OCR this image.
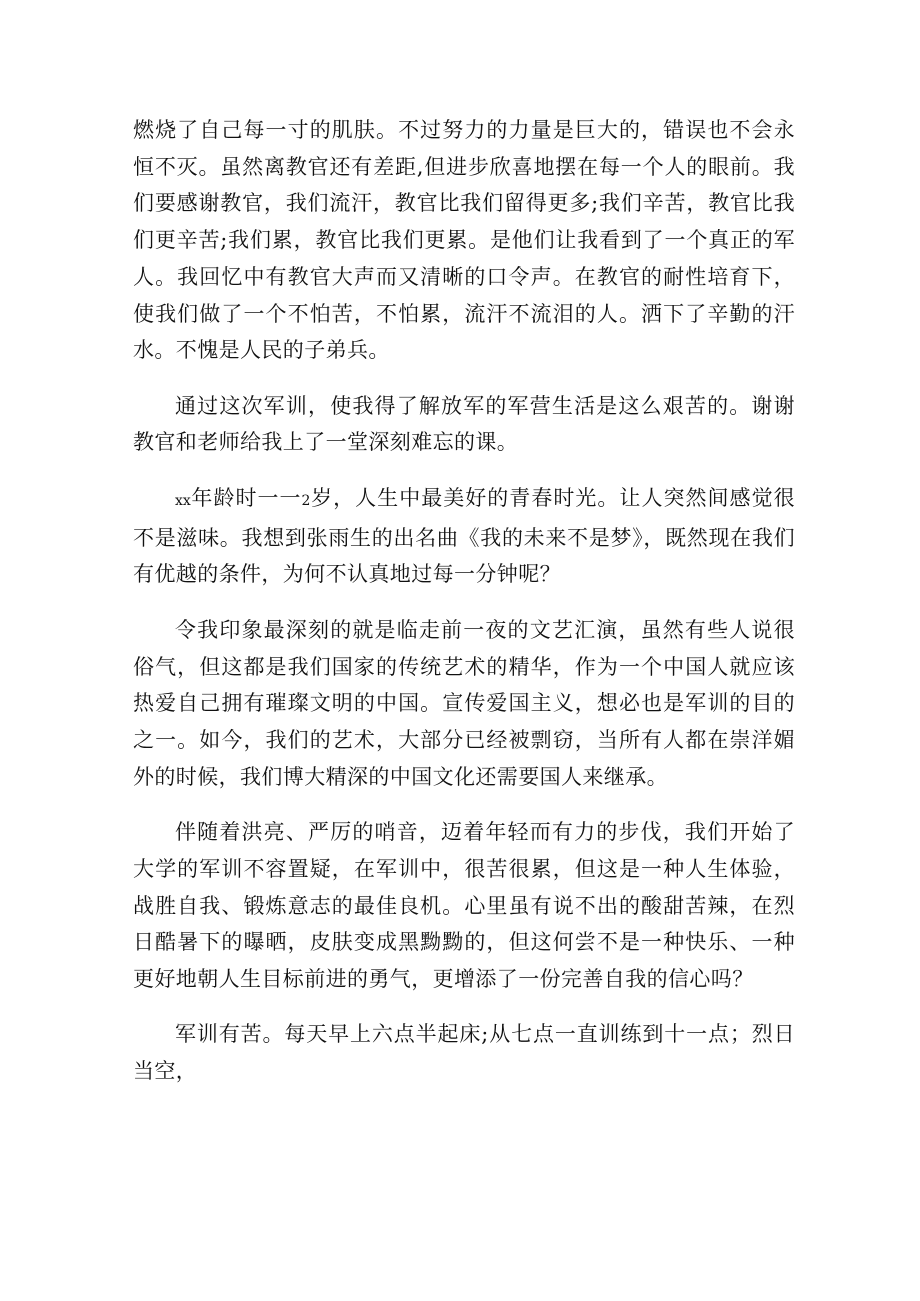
燃烧了自己每一寸的肌肤。不过努力的力量是巨大的，错误也不会永恒不灭。虽然离教官还有差距,但进步欣喜地摆在每一个人的眼前。我们要感谢教官，我们流汗，教官比我们留得更多;我们辛苦，教官比我们更辛苦;我们累，教官比我们更累。是他们让我看到了一个真正的军人。我回忆中有教官大声而又清晰的口令声。在教官的耐性培育下，使我们做了一个不怕苦，不怕累，流汗不流泪的人。洒下了辛勤的汗水。不愧是人民的子弟兵。

通过这次军训，使我得了解放军的军营生活是这么艰苦的。谢谢教官和老师给我上了一堂深刻难忘的课。

xx年龄时一一2岁，人生中最美好的青春时光。让人突然间感觉很不是滋味。我想到张雨生的出名曲《我的未来不是梦》，既然现在我们有优越的条件，为何不认真地过每一分钟呢？

令我印象最深刻的就是临走前一夜的文艺汇演，虽然有些人说很俗气，但这都是我们国家的传统艺术的精华，作为一个中国人就应该热爱自己拥有璀璨文明的中国。宣传爱国主义，想必也是军训的目的之一。如今，我们的艺术，大部分已经被剽窃，当所有人都在崇洋媚外的时候，我们博大精深的中国文化还需要国人来继承。

伴随着洪亮、严厉的哨音，迈着年轻而有力的步伐，我们开始了大学的军训不容置疑，在军训中，很苦很累，但这是一种人生体验，战胜自我、锻炼意志的最佳良机。心里虽有说不出的酸甜苦辣，在烈日酷暑下的曝晒，皮肤变成黑黝黝的，但这何尝不是一种快乐、一种更好地朝人生目标前进的勇气，更增添了一份完善自我的信心吗？

军训有苦。每天早上六点半起床;从七点一直训练到十一点；烈日当空，
